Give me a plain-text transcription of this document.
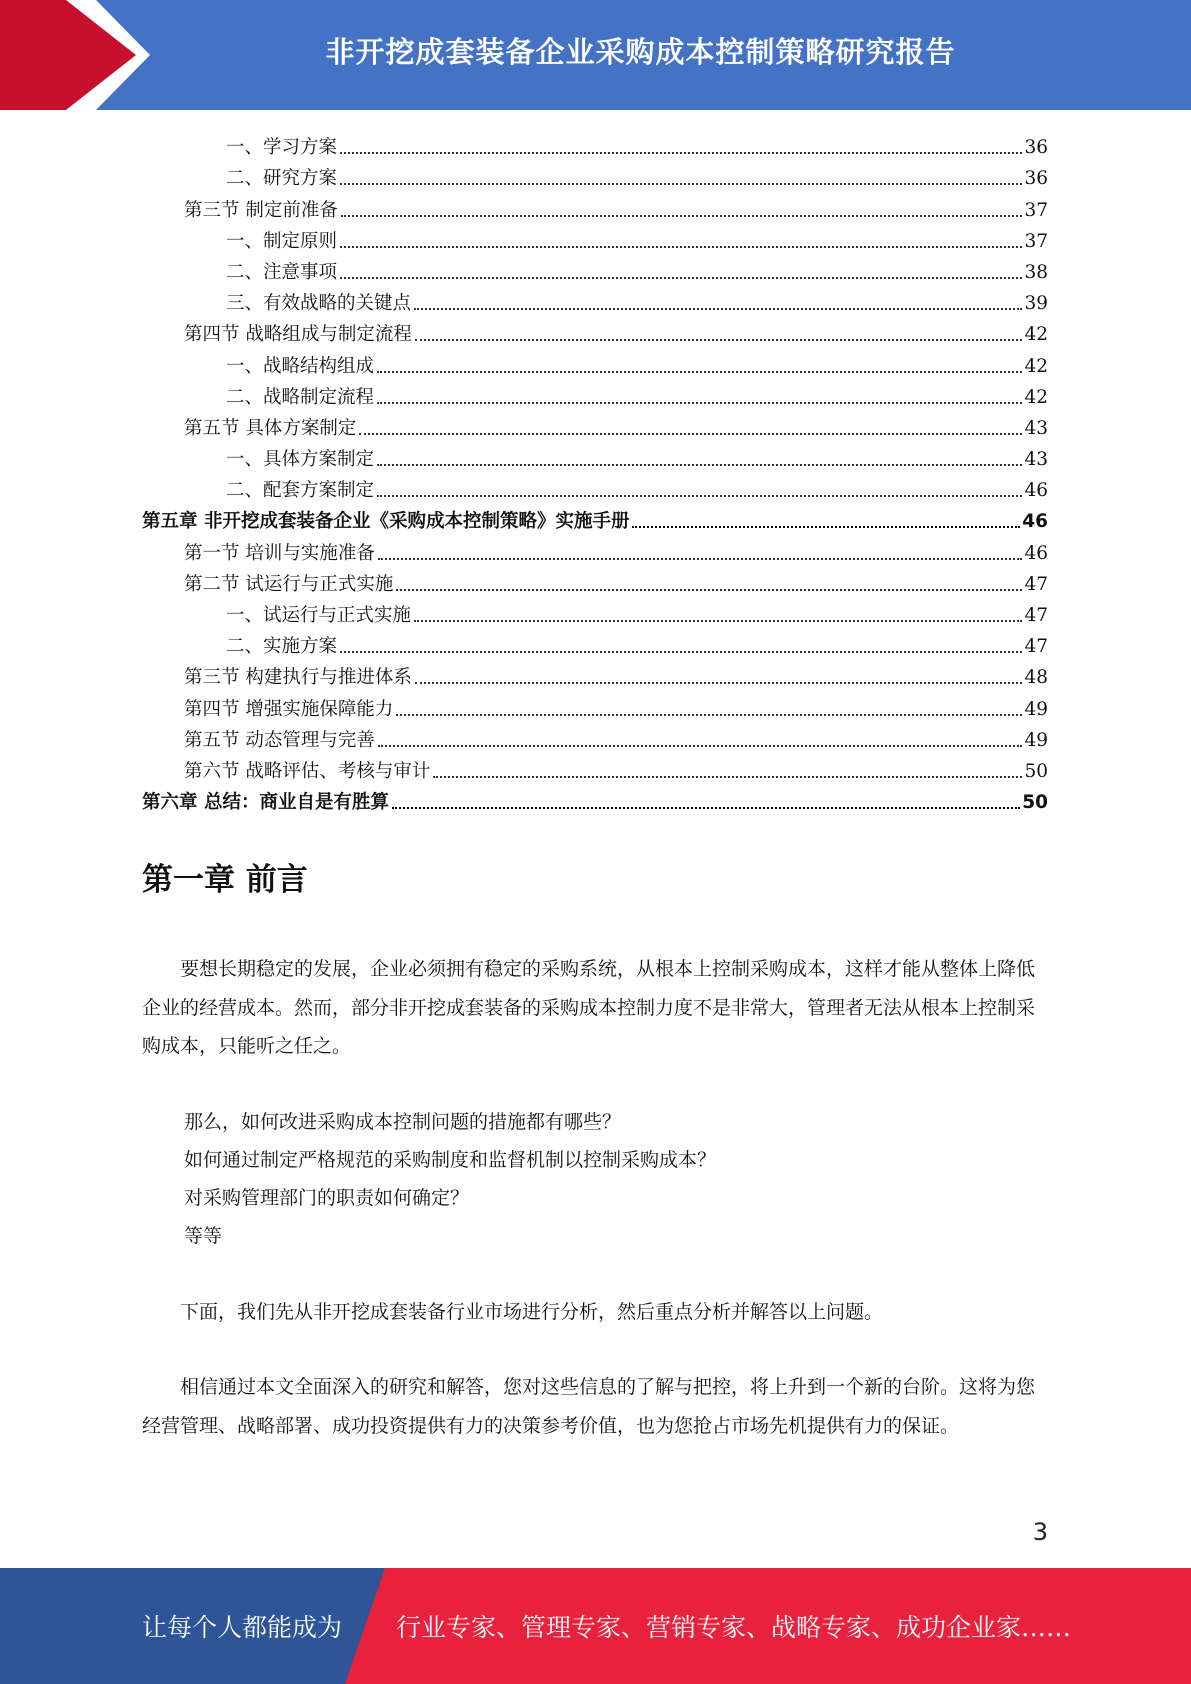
非开挖成套装备企业采购成本控制策略研究报告
一、学习方案	36
二、研究方案	36
第三节 制定前准备	37
一、制定原则	37
二、注意事项	38
三、有效战略的关键点	39
第四节 战略组成与制定流程	42
一、战略结构组成	42
二、战略制定流程	42
第五节 具体方案制定	43
一、具体方案制定	43
二、配套方案制定	46
第五章 非开挖成套装备企业《采购成本控制策略》实施手册	46
第一节 培训与实施准备	46
第二节 试运行与正式实施	47
一、试运行与正式实施	47
二、实施方案	47
第三节 构建执行与推进体系	48
第四节 增强实施保障能力	49
第五节 动态管理与完善	49
第六节 战略评估、考核与审计	50
第六章 总结：商业自是有胜算	50
第一章 前言

要想长期稳定的发展，企业必须拥有稳定的采购系统，从根本上控制采购成本，这样才能从整体上降低企业的经营成本。然而，部分非开挖成套装备的采购成本控制力度不是非常大，管理者无法从根本上控制采购成本，只能听之任之。

那么，如何改进采购成本控制问题的措施都有哪些？
如何通过制定严格规范的采购制度和监督机制以控制采购成本？
对采购管理部门的职责如何确定？
等等

下面，我们先从非开挖成套装备行业市场进行分析，然后重点分析并解答以上问题。

相信通过本文全面深入的研究和解答，您对这些信息的了解与把控，将上升到一个新的台阶。这将为您经营管理、战略部署、成功投资提供有力的决策参考价值，也为您抢占市场先机提供有力的保证。

3
让每个人都能成为 行业专家、管理专家、营销专家、战略专家、成功企业家……
